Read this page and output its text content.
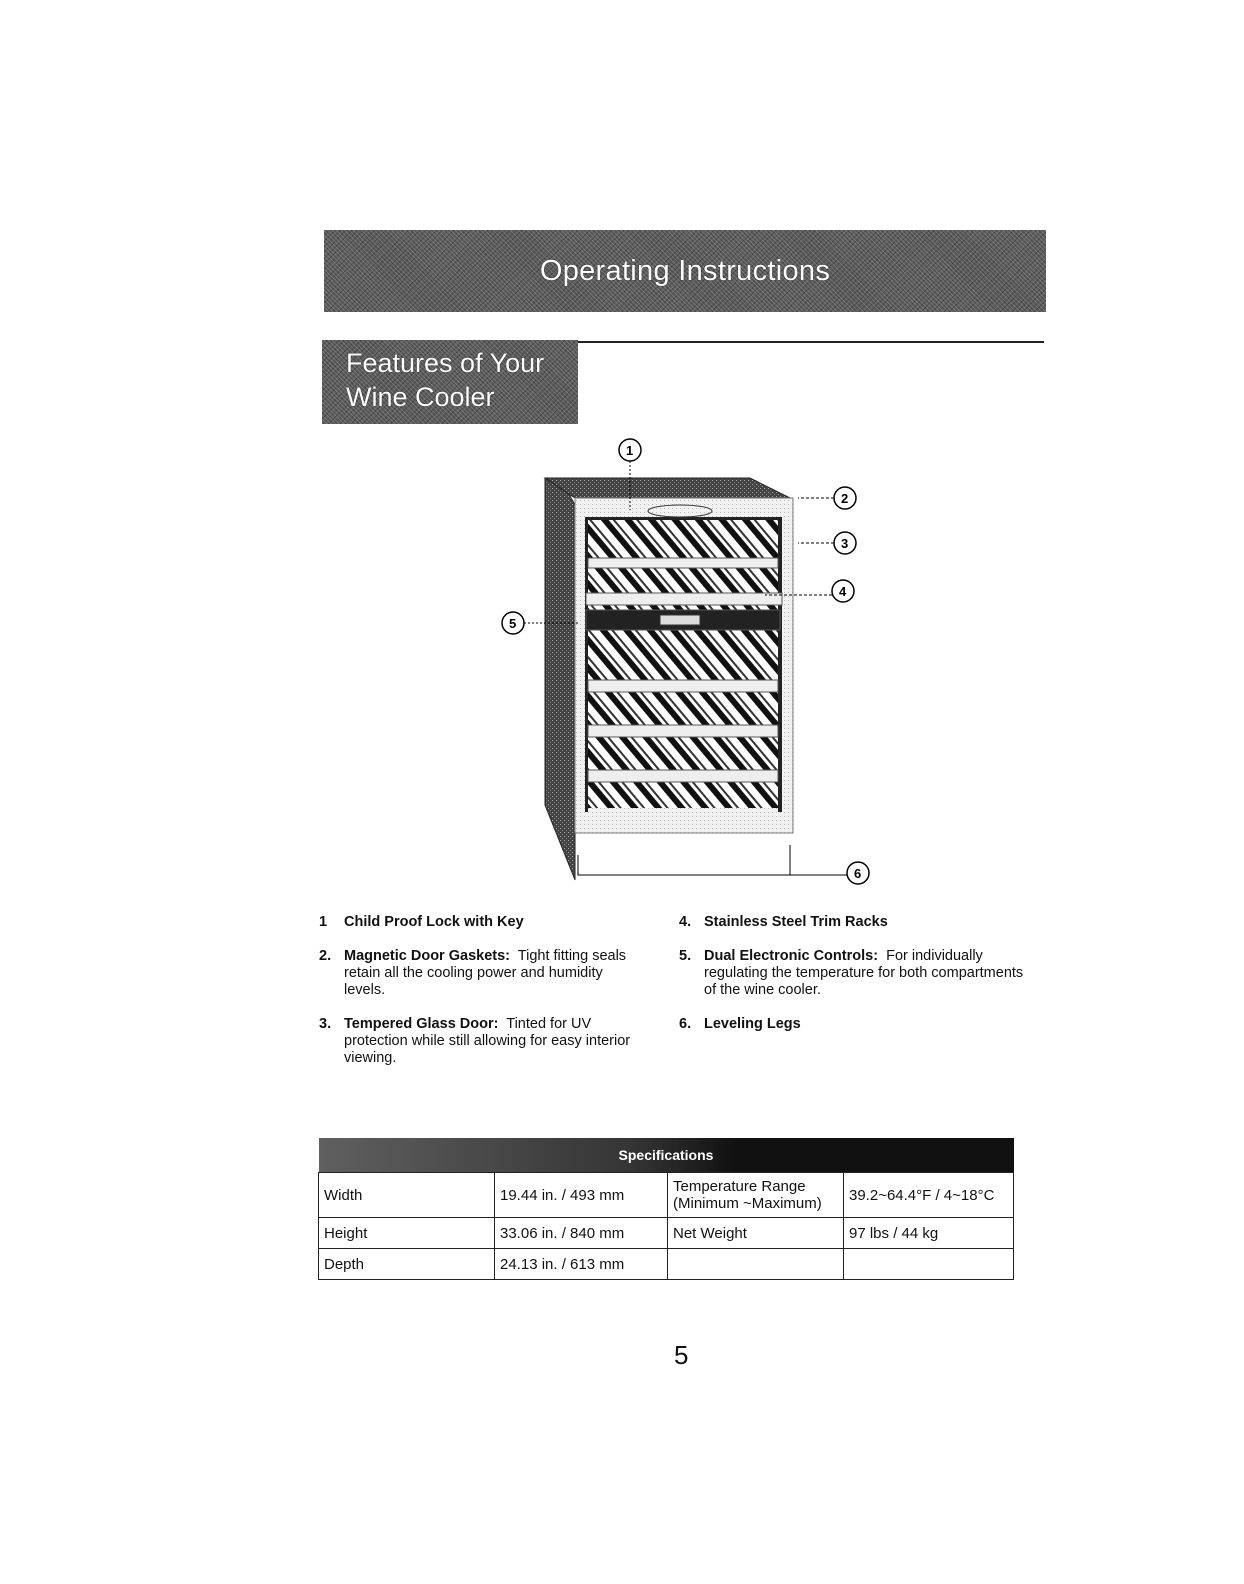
Operating Instructions
Features of Your
Wine Cooler
1
2
3
4
5
6
1	Child Proof Lock with Key
2. Magnetic Door Gaskets: Tight fitting seals retain all the cooling power and humidity levels.
3. Tempered Glass Door: Tinted for UV protection while still allowing for easy interior viewing.
4. Stainless Steel Trim Racks
5. Dual Electronic Controls: For individually regulating the temperature for both compartments of the wine cooler.
6. Leveling Legs
Specifications			
Width	19.44 in. / 493 mm	Temperature Range (Minimum ~Maximum)	39.2~64.4°F / 4~18°C
Height	33.06 in. / 840 mm	Net Weight	97 lbs / 44 kg
Depth	24.13 in. / 613 mm		
5
